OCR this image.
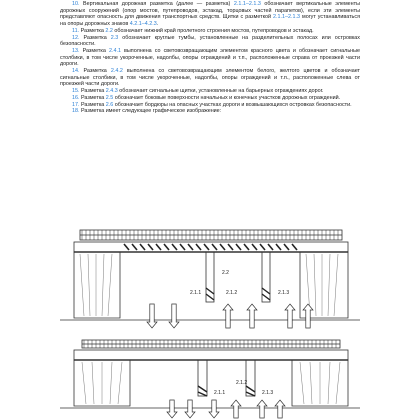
10. Вертикальная дорожная разметка (далее — разметка) 2.1.1–2.1.3 обозначает вертикальные элементы дорожных сооружений (опор мостов, путепроводов, эстакад, торцовых частей парапетов), если эти элементы представляют опасность для движения транспортных средств. Щитки с разметкой 2.1.1–2.1.3 могут устанавливаться на опоры дорожных знаков 4.2.1–4.2.3.

11. Разметка 2.2 обозначает нижний край пролетного строения мостов, путепроводов и эстакад.

12. Разметка 2.3 обозначает круглые тумбы, установленные на разделительных полосах или островках безопасности.

13. Разметка 2.4.1 выполнена со световозвращающим элементом красного цвета и обозначает сигнальные столбики, в том числе укороченные, надолбы, опоры ограждений и т.п., расположенные справа от проезжей части дороги.

14. Разметка 2.4.2 выполнена со световозвращающим элементом белого, желтого цветов и обозначает сигнальные столбики, в том числе укороченные, надолбы, опоры ограждений и т.п., расположенные слева от проезжей части дороги.

15. Разметка 2.4.3 обозначает сигнальные щитки, установленные на барьерных ограждениях дорог.

16. Разметка 2.5 обозначает боковые поверхности начальных и конечных участков дорожных ограждений.

17. Разметка 2.6 обозначает бордюры на опасных участках дороги и возвышающихся островках безопасности.

18. Разметка имеет следующее графическое изображение:

2.2
2.1.1	2.1.2	2.1.3
2.1.1
2.1.2
2.1.3
